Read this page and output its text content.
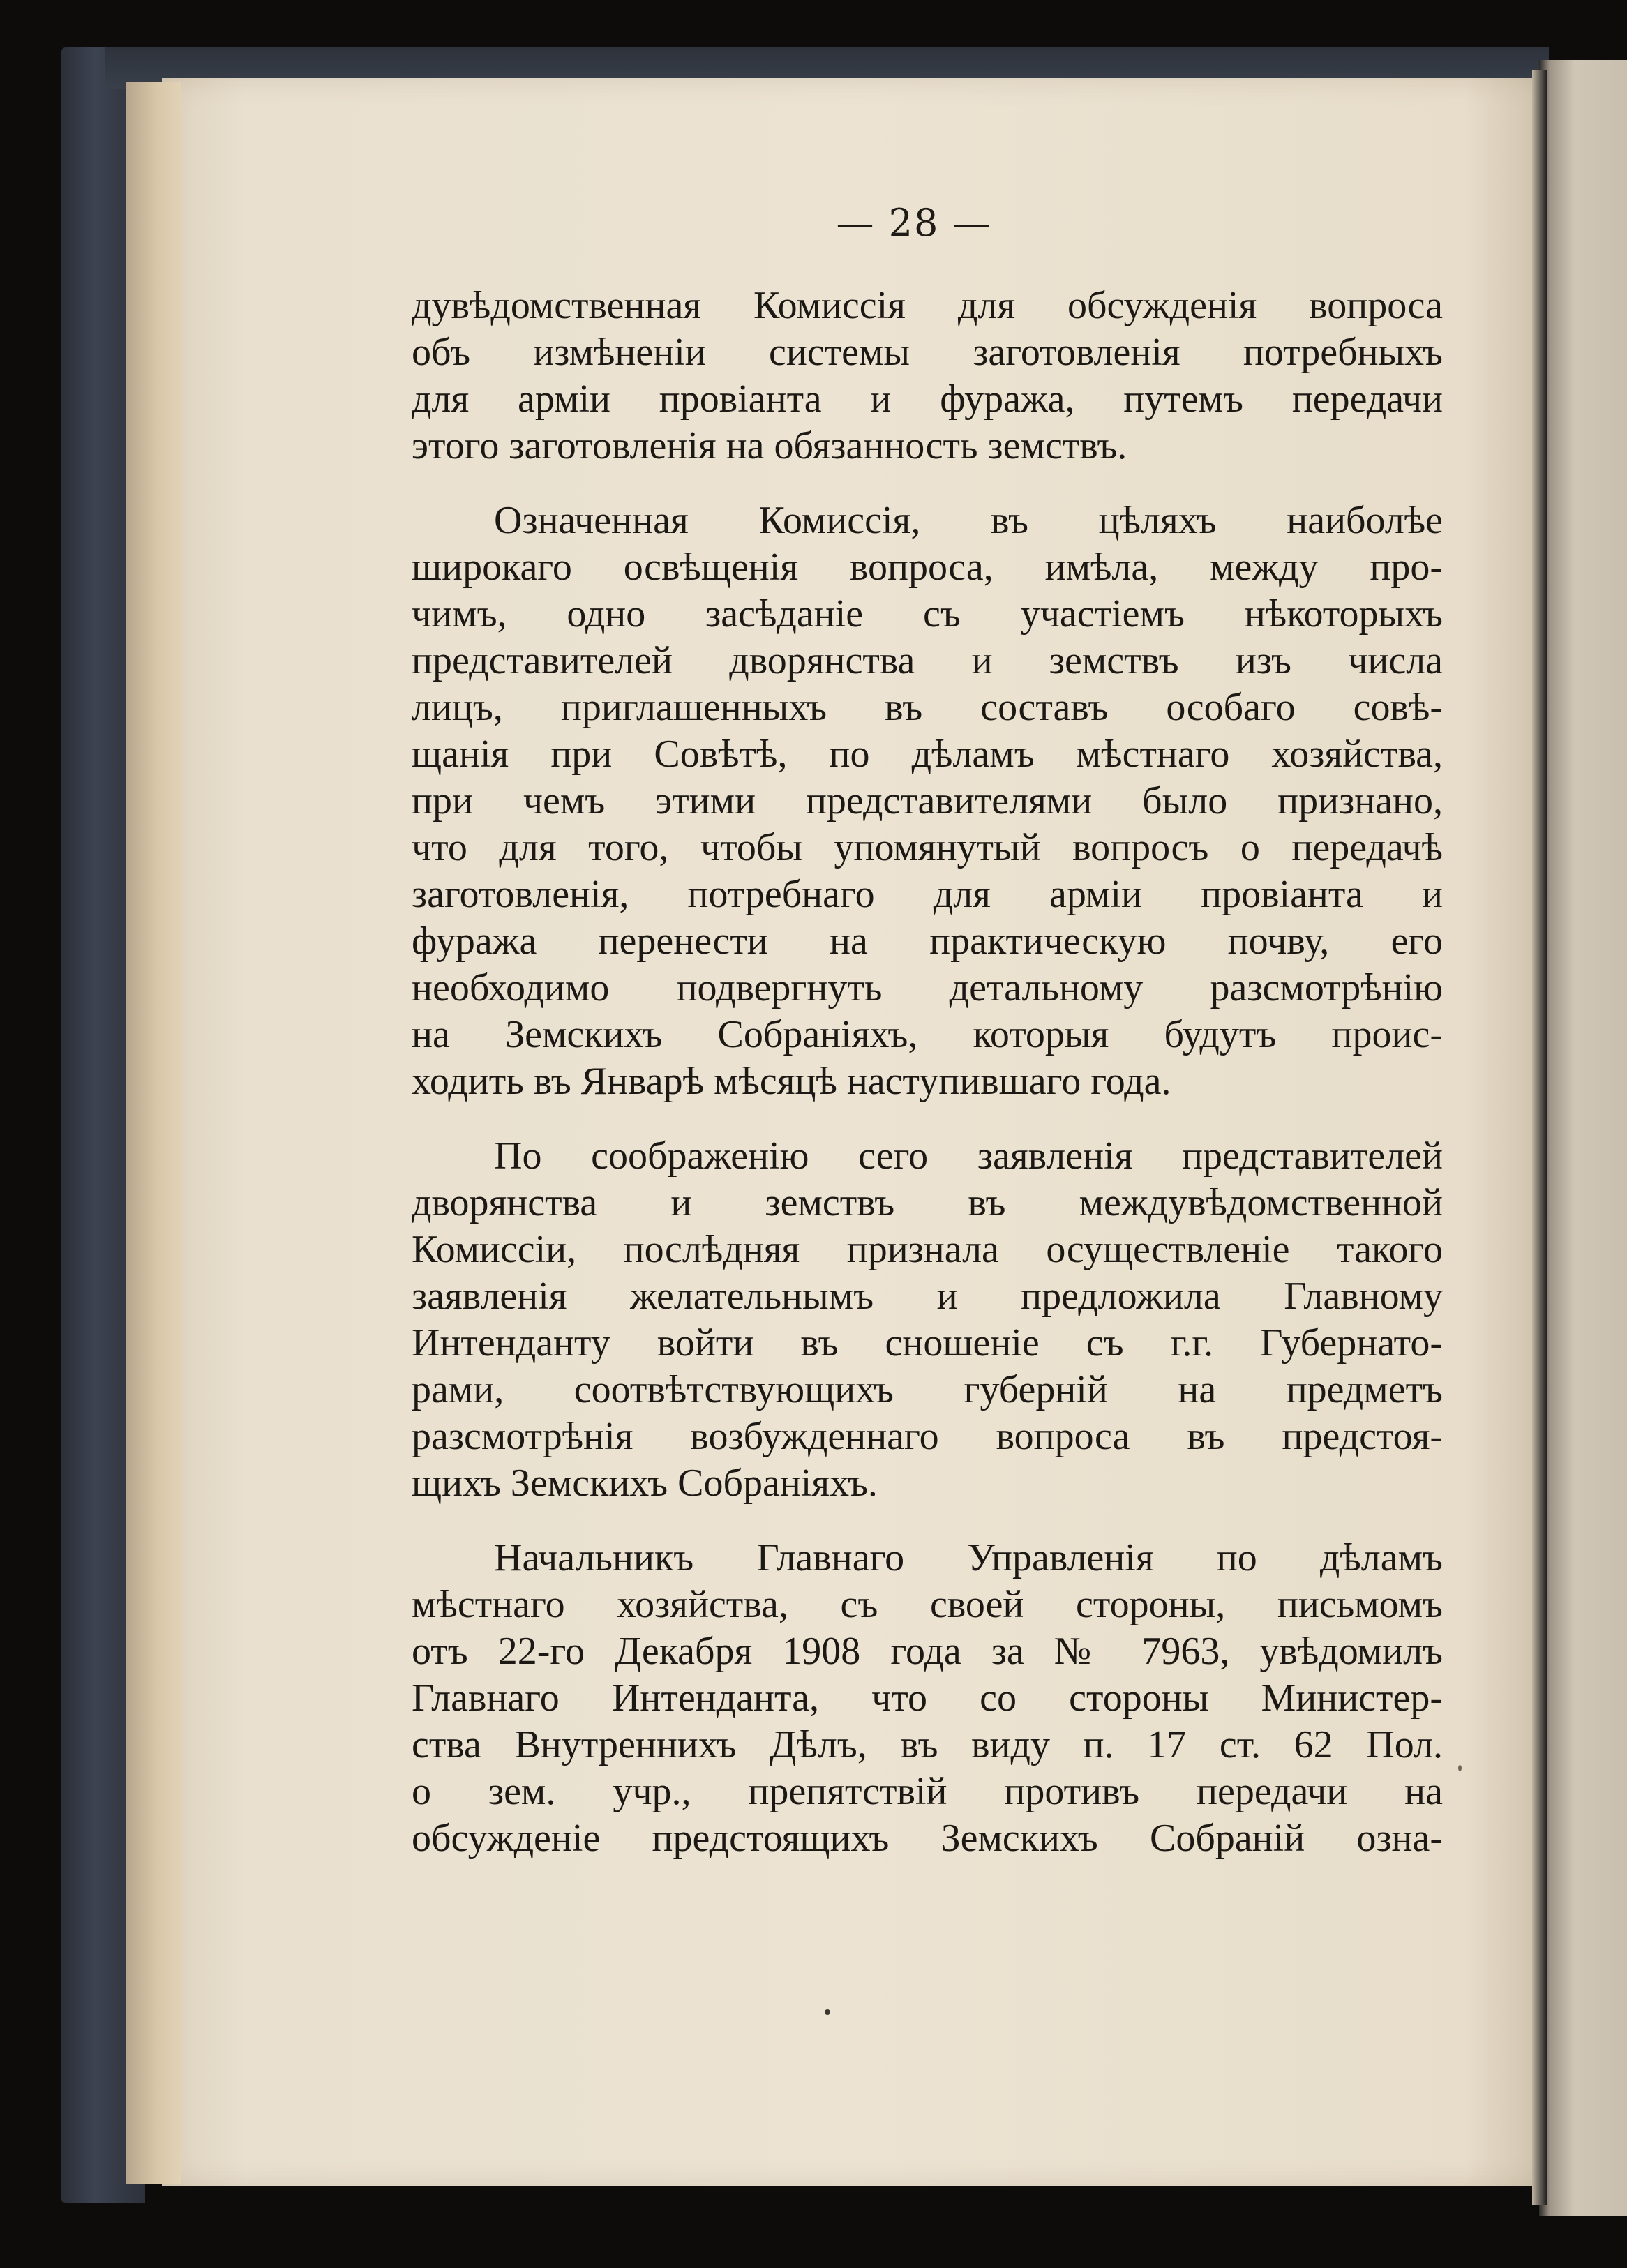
— 28 —
дувѣдомственная Комиссія для обсужденія вопроса
объ измѣненіи системы заготовленія потребныхъ
для арміи провіанта и фуража, путемъ передачи
этого заготовленія на обязанность земствъ.
Означенная Комиссія, въ цѣляхъ наиболѣе
широкаго освѣщенія вопроса, имѣла, между про-
чимъ, одно засѣданіе съ участіемъ нѣкоторыхъ
представителей дворянства и земствъ изъ числа
лицъ, приглашенныхъ въ составъ особаго совѣ-
щанія при Совѣтѣ, по дѣламъ мѣстнаго хозяйства,
при чемъ этими представителями было признано,
что для того, чтобы упомянутый вопросъ о передачѣ
заготовленія, потребнаго для арміи провіанта и
фуража перенести на практическую почву, его
необходимо подвергнуть детальному разсмотрѣнію
на Земскихъ Собраніяхъ, которыя будутъ проис-
ходить въ Январѣ мѣсяцѣ наступившаго года.
По соображенію сего заявленія представителей
дворянства и земствъ въ междувѣдомственной
Комиссіи, послѣдняя признала осуществленіе такого
заявленія желательнымъ и предложила Главному
Интенданту войти въ сношеніе съ г.г. Губернато-
рами, соотвѣтствующихъ губерній на предметъ
разсмотрѣнія возбужденнаго вопроса въ предстоя-
щихъ Земскихъ Собраніяхъ.
Начальникъ Главнаго Управленія по дѣламъ
мѣстнаго хозяйства, съ своей стороны, письмомъ
отъ 22-го Декабря 1908 года за № 7963, увѣдомилъ
Главнаго Интенданта, что со стороны Министер-
ства Внутреннихъ Дѣлъ, въ виду п. 17 ст. 62 Пол.
о зем. учр., препятствій противъ передачи на
обсужденіе предстоящихъ Земскихъ Собраній озна-
